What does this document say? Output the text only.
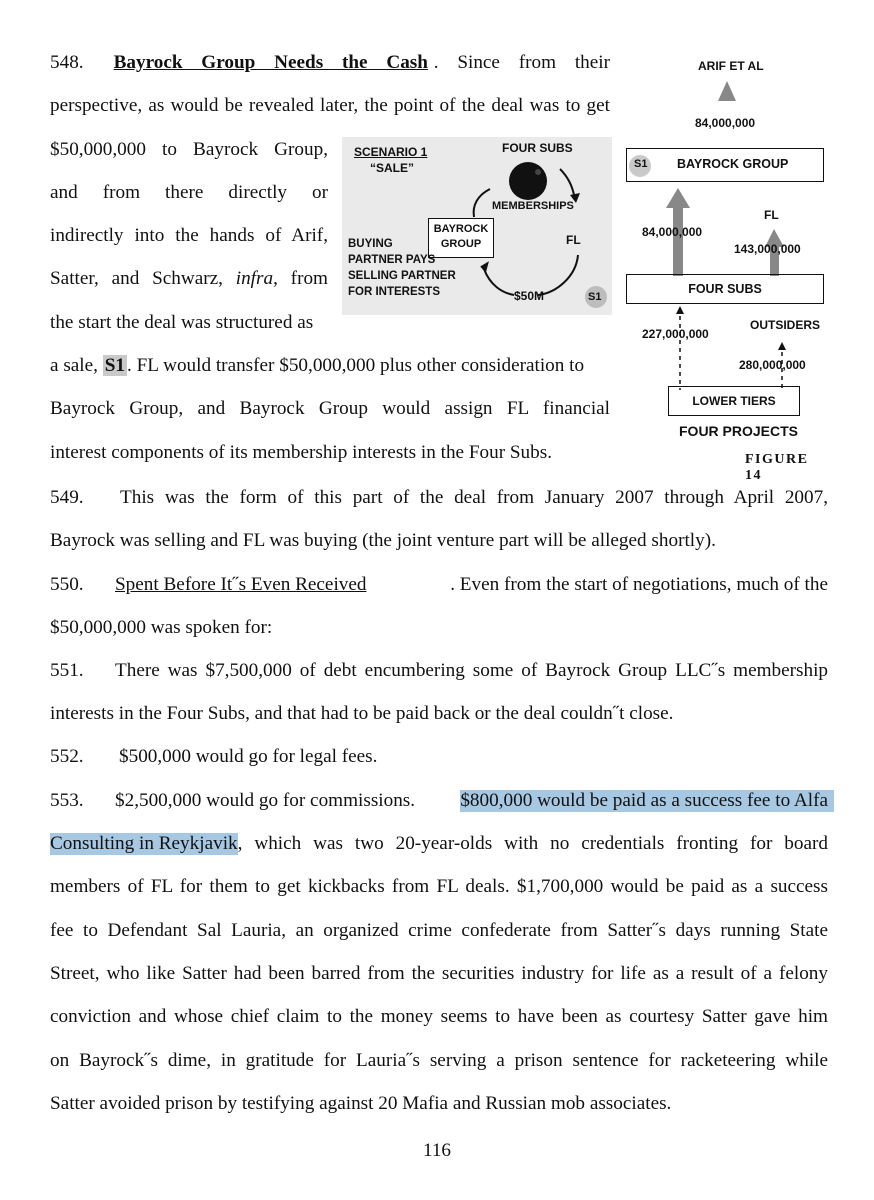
548. Bayrock Group Needs the Cash . Since from their
perspective, as would be revealed later, the point of the deal was to get
$50,000,000 to Bayrock Group,
and from there directly or
indirectly into the hands of Arif,
Satter, and Schwarz, infra, from
the start the deal was structured as
a sale, S1 . FL would transfer $50,000,000 plus other consideration to
Bayrock Group, and Bayrock Group would assign FL financial
interest components of its membership interests in the Four Subs.
SCENARIO 1
“SALE”
FOUR SUBS
MEMBERSHIPS
FL
BAYROCK
GROUP
BUYING
PARTNER PAYS
SELLING PARTNER
FOR INTERESTS	$50M	S1
ARIF ET AL
84,000,000
S1 BAYROCK GROUP
FL
84,000,000
143,000,000
FOUR SUBS
OUTSIDERS
227,000,000
280,000,000
LOWER TIERS
FOUR PROJECTS
FIGURE 14
549.	This was the form of this part of the deal from January 2007 through April 2007,
Bayrock was selling and FL was buying (the joint venture part will be alleged shortly).
550. Spent Before It˝s Even Received	. Even from the start of negotiations, much of the
$50,000,000 was spoken for:
551.	There was $7,500,000 of debt encumbering some of Bayrock Group LLC˝s membership
interests in the Four Subs, and that had to be paid back or the deal couldn˝t close.
552. $500,000 would go for legal fees.
553. $2,500,000 would go for commissions. $800,000 would be paid as a success fee to Alfa
Consulting in Reykjavik , which was two 20-year-olds with no credentials fronting for board
members of FL for them to get kickbacks from FL deals. $1,700,000 would be paid as a success
fee to Defendant Sal Lauria, an organized crime confederate from Satter˝s days running State
Street, who like Satter had been barred from the securities industry for life as a result of a felony
conviction and whose chief claim to the money seems to have been as courtesy Satter gave him
on Bayrock˝s dime, in gratitude for Lauria˝s serving a prison sentence for racketeering while
Satter avoided prison by testifying against 20 Mafia and Russian mob associates.
116
